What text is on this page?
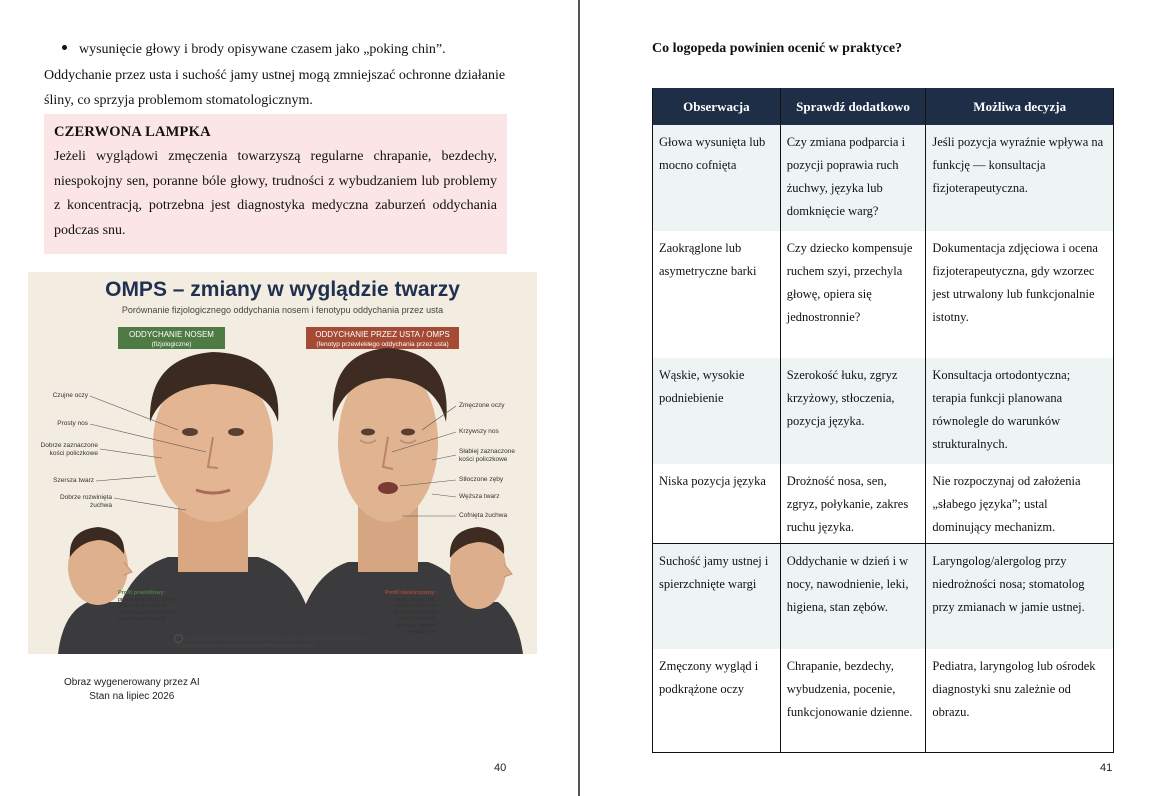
wysunięcie głowy i brody opisywane czasem jako „poking chin”.
Oddychanie przez usta i suchość jamy ustnej mogą zmniejszać ochronne działanie śliny, co sprzyja problemom stomatologicznym.
CZERWONA LAMPKA

Jeżeli wyglądowi zmęczenia towarzyszą regularne chrapanie, bezdechy, niespokojny sen, poranne bóle głowy, trudności z wybudzaniem lub problemy z koncentracją, potrzebna jest diagnostyka medyczna zaburzeń oddychania podczas snu.

OMPS – zmiany w wyglądzie twarzy
Porównanie fizjologicznego oddychania nosem i fenotypu oddychania przez usta
ODDYCHANIE NOSEM
(fizjologiczne)
ODDYCHANIE PRZEZ USTA / OMPS
(fenotyp przewlekłego oddychania przez usta)
Czujne oczy
Prosty nos
Dobrze zaznaczone kości policzkowe
Szersza twarz
Dobrze rozwinięta żuchwa
Zmęczone oczy
Krzywszy nos
Słabiej zaznaczone kości policzkowe
Stłoczone zęby
Węższa twarz
Cofnięta żuchwa
Profil prawidłowy:
prosta linia nosa, dobra projekcja środkowej części twarzy, żuchwa w prawidłowej pozycji
Profil niekorzystny:
mniej prosty nos, słabsza projekcja środkowej części twarzy, cofnięta żuchwa, otwarta postawa ust
i Przedstawione cechy mogą występować w różnym nasileniu. Nie każdy pacjent z oddychaniem przez usta wykazuje wszystkie wymienione cechy.
Obraz wygenerowany przez AI
Stan na lipiec 2026
40
Co logopeda powinien ocenić w praktyce?
Obserwacja	Sprawdź dodatkowo	Możliwa decyzja
Głowa wysunięta lub mocno cofnięta	Czy zmiana podparcia i pozycji poprawia ruch żuchwy, języka lub domknięcie warg?	Jeśli pozycja wyraźnie wpływa na funkcję — konsultacja fizjoterapeutyczna.
Zaokrąglone lub asymetryczne barki	Czy dziecko kompensuje ruchem szyi, przechyla głowę, opiera się jednostronnie?	Dokumentacja zdjęciowa i ocena fizjoterapeutyczna, gdy wzorzec jest utrwalony lub funkcjonalnie istotny.
Wąskie, wysokie podniebienie	Szerokość łuku, zgryz krzyżowy, stłoczenia, pozycja języka.	Konsultacja ortodontyczna; terapia funkcji planowana równolegle do warunków strukturalnych.
Niska pozycja języka	Drożność nosa, sen, zgryz, połykanie, zakres ruchu języka.	Nie rozpoczynaj od założenia „słabego języka”; ustal dominujący mechanizm.
Suchość jamy ustnej i spierzchnięte wargi	Oddychanie w dzień i w nocy, nawodnienie, leki, higiena, stan zębów.	Laryngolog/alergolog przy niedrożności nosa; stomatolog przy zmianach w jamie ustnej.
Zmęczony wygląd i podkrążone oczy	Chrapanie, bezdechy, wybudzenia, pocenie, funkcjonowanie dzienne.	Pediatra, laryngolog lub ośrodek diagnostyki snu zależnie od obrazu.
41
